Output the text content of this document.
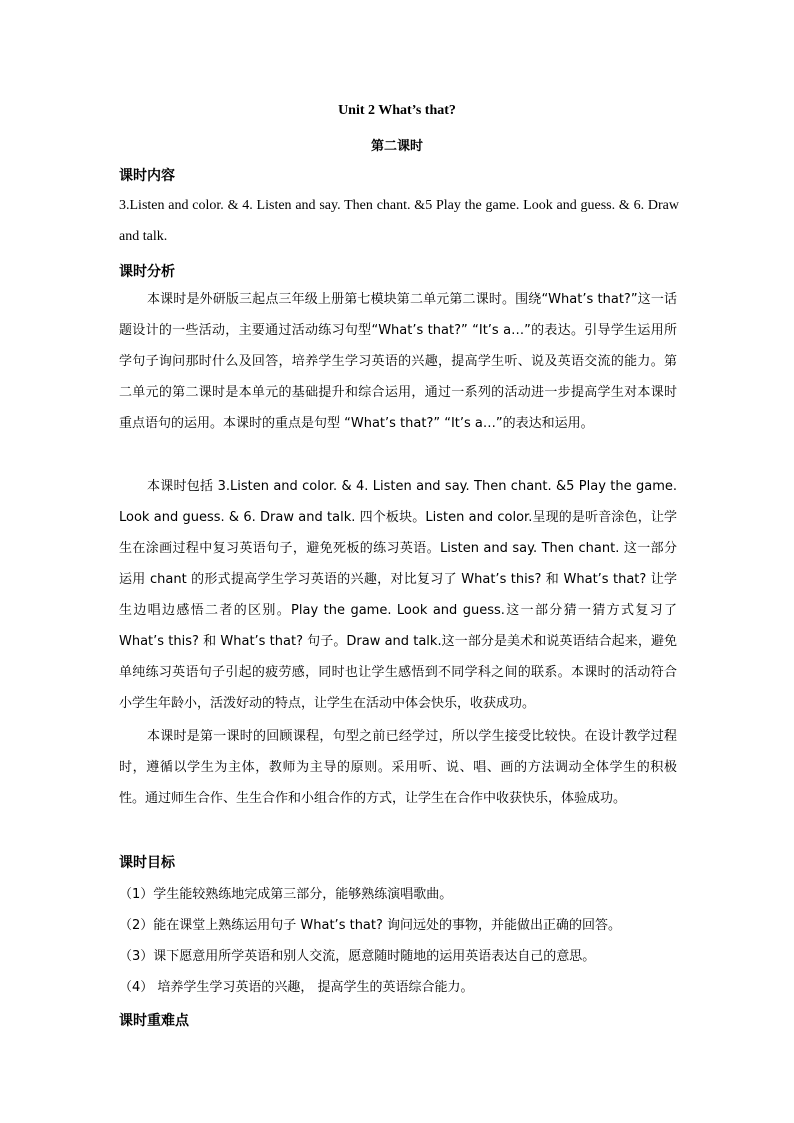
Unit 2 What’s that?
第二课时
课时内容
3.Listen and color. & 4. Listen and say. Then chant. &5 Play the game. Look and guess. & 6. Draw and talk.
课时分析
本课时是外研版三起点三年级上册第七模块第二单元第二课时。围绕“What’s that?”这一话题设计的一些活动，主要通过活动练习句型“What’s that?” “It’s a…”的表达。引导学生运用所学句子询问那时什么及回答，培养学生学习英语的兴趣，提高学生听、说及英语交流的能力。第二单元的第二课时是本单元的基础提升和综合运用，通过一系列的活动进一步提高学生对本课时重点语句的运用。本课时的重点是句型 “What’s that?” “It’s a…”的表达和运用。
本课时包括 3.Listen and color. & 4. Listen and say. Then chant. &5 Play the game. Look and guess. & 6. Draw and talk. 四个板块。Listen and color.呈现的是听音涂色，让学生在涂画过程中复习英语句子，避免死板的练习英语。Listen and say. Then chant. 这一部分运用 chant 的形式提高学生学习英语的兴趣，对比复习了 What’s this? 和 What’s that? 让学生边唱边感悟二者的区别。Play the game. Look and guess.这一部分猜一猜方式复习了 What’s this? 和 What’s that? 句子。Draw and talk.这一部分是美术和说英语结合起来，避免单纯练习英语句子引起的疲劳感，同时也让学生感悟到不同学科之间的联系。本课时的活动符合小学生年龄小，活泼好动的特点，让学生在活动中体会快乐，收获成功。
本课时是第一课时的回顾课程，句型之前已经学过，所以学生接受比较快。在设计教学过程时，遵循以学生为主体，教师为主导的原则。采用听、说、唱、画的方法调动全体学生的积极性。通过师生合作、生生合作和小组合作的方式，让学生在合作中收获快乐，体验成功。
课时目标
（1）学生能较熟练地完成第三部分，能够熟练演唱歌曲。
（2）能在课堂上熟练运用句子 What’s that? 询问远处的事物，并能做出正确的回答。
（3）课下愿意用所学英语和别人交流，愿意随时随地的运用英语表达自己的意思。
（4） 培养学生学习英语的兴趣， 提高学生的英语综合能力。
课时重难点
